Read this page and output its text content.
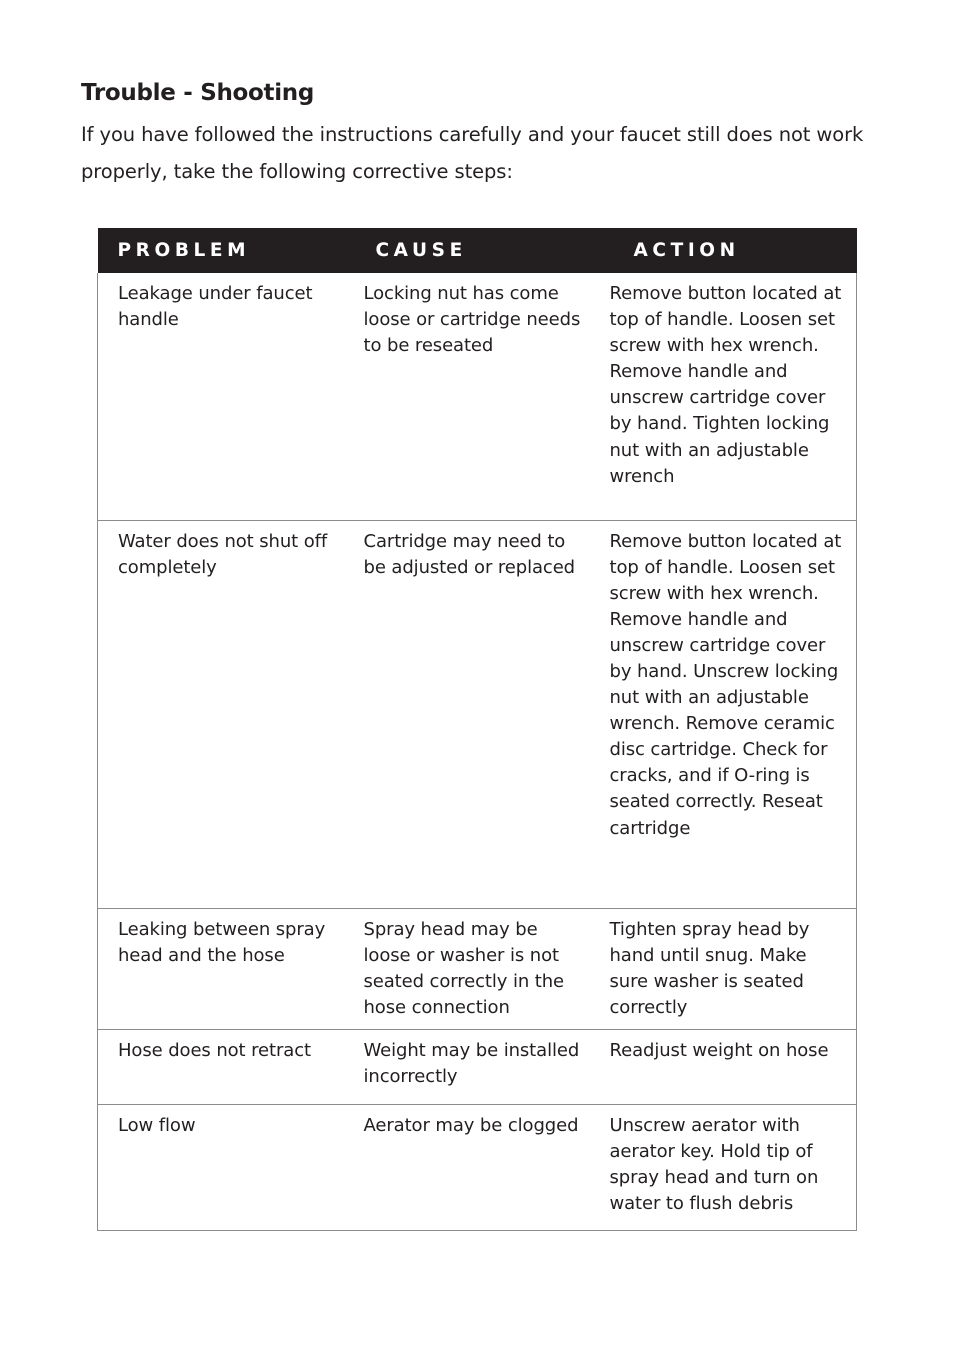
Trouble - Shooting

If you have followed the instructions carefully and your faucet still does not work properly, take the following corrective steps:

PROBLEM	CAUSE	ACTION
Leakage under faucet handle	Locking nut has come loose or cartridge needs to be reseated	Remove button located at top of handle. Loosen set screw with hex wrench. Remove handle and unscrew cartridge cover by hand. Tighten locking nut with an adjustable wrench
Water does not shut off completely	Cartridge may need to be adjusted or replaced	Remove button located at top of handle. Loosen set screw with hex wrench. Remove handle and unscrew cartridge cover by hand. Unscrew locking nut with an adjustable wrench. Remove ceramic disc cartridge. Check for cracks, and if O-ring is seated correctly. Reseat cartridge
Leaking between spray head and the hose	Spray head may be loose or washer is not seated correctly in the hose connection	Tighten spray head by hand until snug. Make sure washer is seated correctly
Hose does not retract	Weight may be installed incorrectly	Readjust weight on hose
Low flow	Aerator may be clogged	Unscrew aerator with aerator key. Hold tip of spray head and turn on water to flush debris
